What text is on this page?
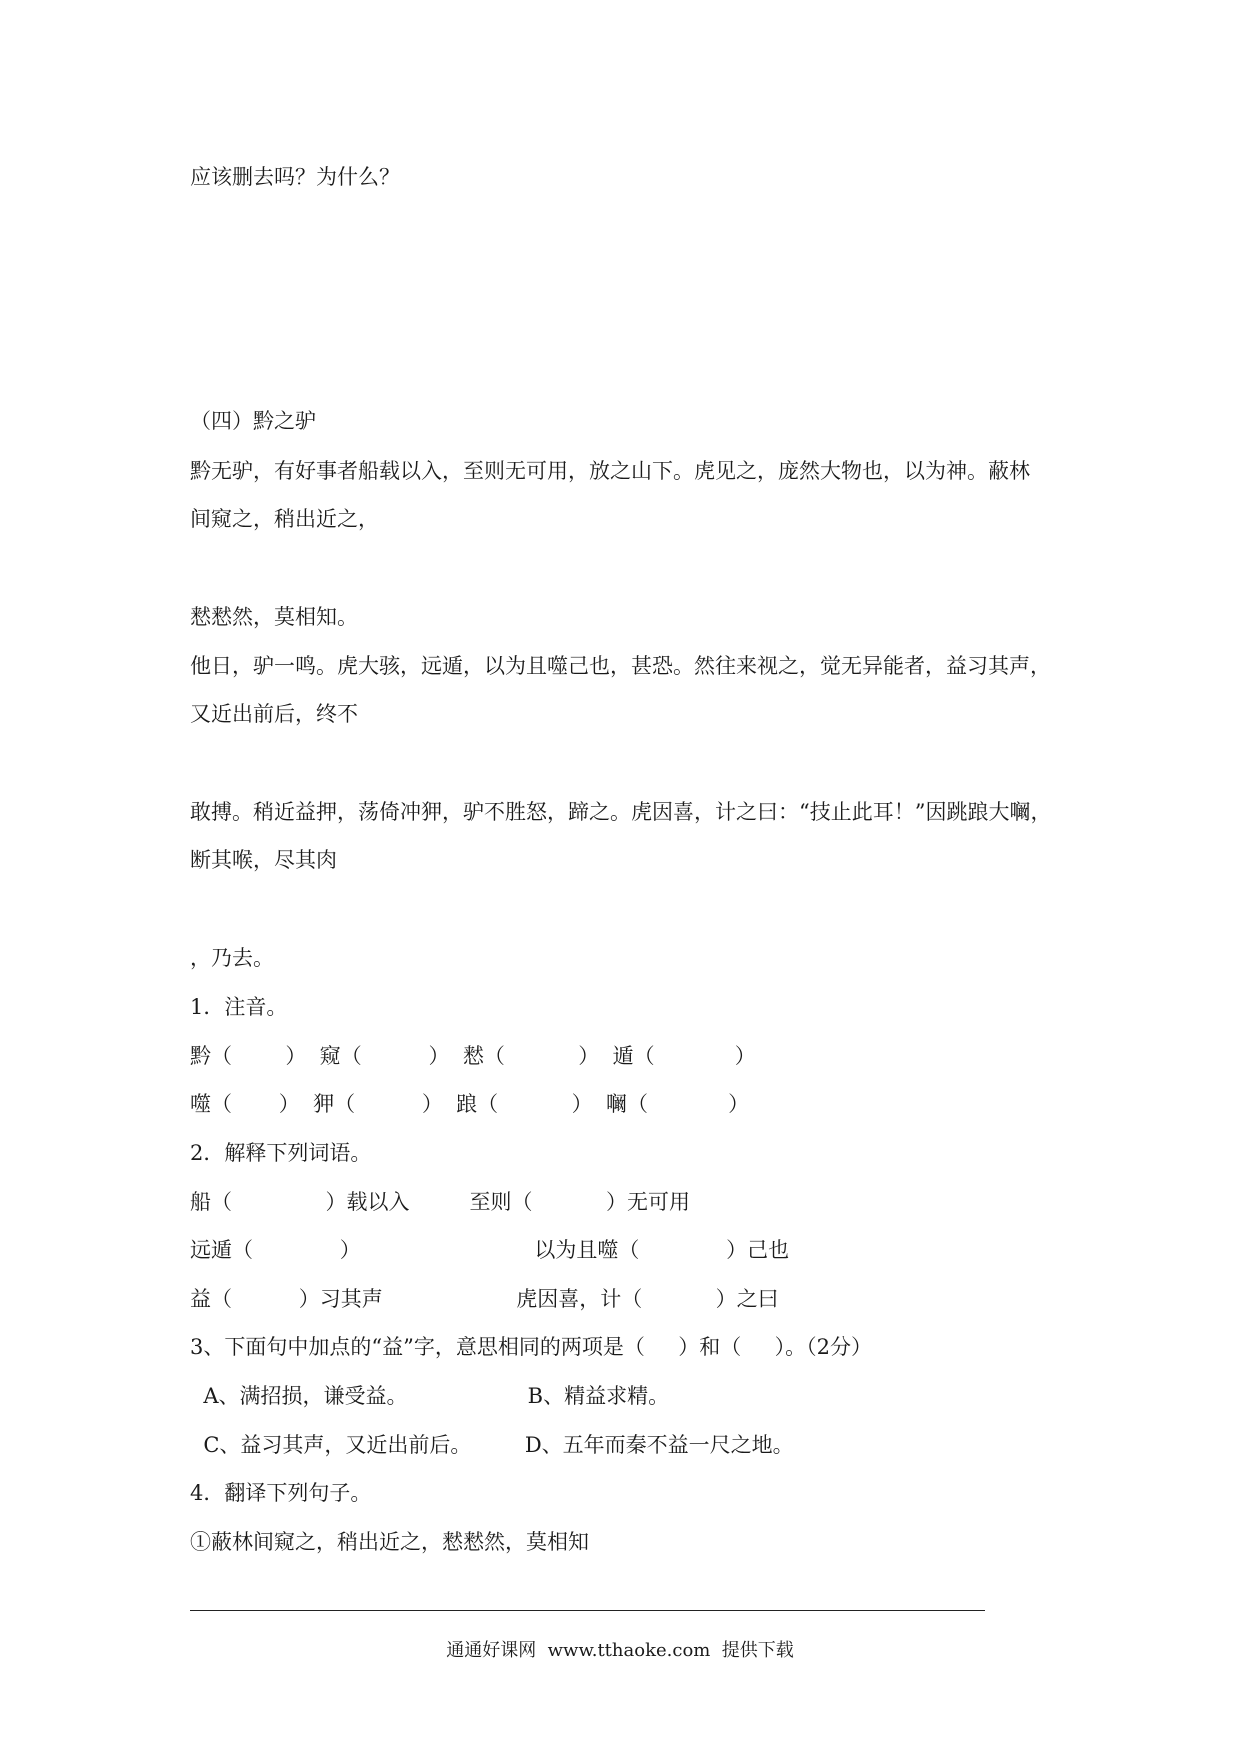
应该删去吗？为什么？
（四）黔之驴
黔无驴，有好事者船载以入，至则无可用，放之山下。虎见之，庞然大物也，以为神。蔽林
间窥之，稍出近之，
慭慭然，莫相知。
他日，驴一鸣。虎大骇，远遁，以为且噬己也，甚恐。然往来视之，觉无异能者，益习其声，
又近出前后，终不
敢搏。稍近益押，荡倚冲狎，驴不胜怒，蹄之。虎因喜，计之曰：“技止此耳！”因跳踉大㘎，
断其喉，尽其肉
，乃去。
1．注音。
黔（        ）  窥（          ）  慭（           ）  遁（            ）
噬（       ）  狎（          ）  踉（           ）  㘎（            ）
2．解释下列词语。
船（              ）载以入         至则（           ）无可用
远遁（             ）                          以为且噬（             ）己也
益（          ）习其声                    虎因喜，计（           ）之曰
3、下面句中加点的“益”字，意思相同的两项是（     ）和（     ）。（2分）
A、满招损，谦受益。                  B、精益求精。
C、益习其声，又近出前后。        D、五年而秦不益一尺之地。
4．翻译下列句子。
①蔽林间窥之，稍出近之，慭慭然，莫相知
通通好课网  www.tthaoke.com  提供下载
